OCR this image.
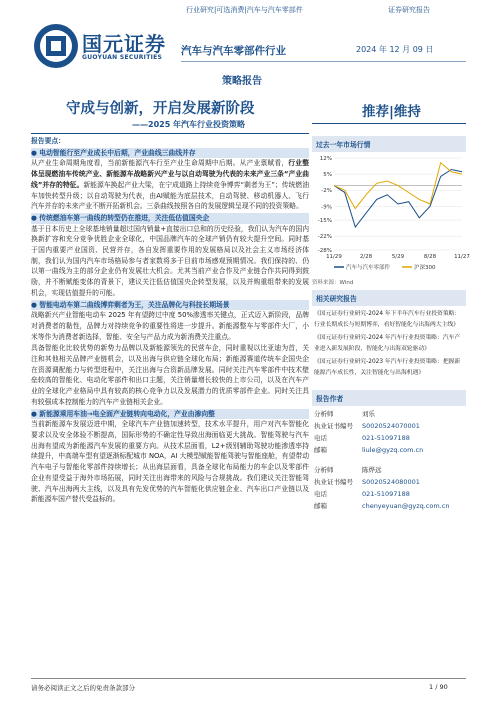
行业研究|可选消费|汽车与汽车零部件	证券研究报告
国元证券
GUOYUAN SECURITIES
汽车与汽车零部件行业	2024 年 12 月 09 日
策略报告
守成与创新，开启发展新阶段
——2025 年汽车行业投资策略
推荐|维持
报告要点：
● 电动智能行至产业成长中后期，产业曲线三曲线并存

从产业生命周期角度看，当前新能源汽车行至产业生命周期中后期。从产业禀赋看，行业整体呈现燃油车传统产业、新能源车战略新兴产业与以自动驾驶为代表的未来产业三条“产业曲线”并存的特征。新能源车换起产业大梁，在宁成道路上持续竞争博弈“剩者为王”；传统燃油车加快转型升级；以自动驾驶为代表，由AI赋能为底层技术，自动驾驶、移动机器人、飞行汽车并存的未来产业不断开拓新机会。三条曲线按照各自的发展逻辑呈现不同的投资策略。

● 传统燃油车第一曲线的转型仍在推进，关注低估值国央企

基于日本历史上全球基地销量超过国内销量+直接出口总和的历史经验，我们认为汽车的国内换新扩容和充分竞争优胜企业全球化，中国品牌汽车的全球产销仍有较大提升空间。同时基于国内重要产业国资、民营并存，各自发挥重要作用的发展格局以及社会主义市场经济体制，我们认为国内汽车市场格局参与者家数将多于目前市场感观预期情况。我们保持的、仍以第一曲线为主的部分企业仍有发展壮大机会。尤其当前产业合作及产业链合作共同得到鼓励，并不断赋能变体的背景下，建议关注低估值国央企转型发展，以及并购重组带来的发展机会，实现估值提升的可能。

● 智能电动车第二曲线博弈剩者为王，关注品牌化与科技长期场景

战略新兴产业智能电动车 2025 年有望跨过中度 50%渗透率关键点，正式迈入新阶段，品牌对消费者的黏性，品牌力对持续竞争的重要性将进一步提升。新能源整车与零部件大厂，小米等作为消费者新选择，智能、安全与产品力成为新消费关注重点。

具备智能化比较优势的新势力品牌以及新能源领先的民营车企，同时重视以比亚迪为首，关注和其他相关品牌产业链机会，以及出海与供应链全球化布局；新能源赛道传统车企国央企在资源调配能力与转型进程中，关注出海与合资新品牌发展。同时关注汽车零部件中技术壁垒较高的智能化、电动化零部件和出口主题，关注销量增长较快的上市公司，以及在汽车产业的全球化产业格局中具有较高的核心竞争力以及发展潜力的优质零部件企业。同时关注具有较强成本控制能力的汽车产业链相关企业。

● 新能源乘用车油→电全面产业链转向电动化，产业由渗向整

当前新能源车发展迈进中期，全球汽车产业链加速转型，技术水平提升，用户对汽车智能化要求以及安全体验不断提高，国际形势的不确定性导致出海面临更大挑战。智能驾驶与汽车出海有望成为新能源汽车发展的重要方向。从技术层面看，L2+级别辅助驾驶功能渗透率持续提升，中高端车型有望逐渐标配城市 NOA，AI 大模型赋能智能驾驶与智能座舱，有望带动汽车电子与智能化零部件持续增长；从出海层面看，具备全球化布局能力的车企以及零部件企业有望受益于海外市场拓展，同时关注出海带来的风险与合规挑战。我们建议关注智能驾驶、汽车出海两大主线，以及具有先发优势的汽车智能化供应链企业、汽车出口产业链以及新能源车国产替代受益标的。

过去一年市场行情
12%
5%
-2%
-9%
-15%
-22%
-28%
11/29	2/28	5/29	8/28	11/27
汽车与汽车零部件	沪深300
资料来源：Wind
相关研究报告
《国元证券行业研究-2024 年下半年汽车行业投资策略：行业长期成长与短期博弈，看好智能化与出海两大主线》
《国元证券行业研究-2024 年汽车行业投资策略：汽车产业进入新发展阶段，智能化与出海双轮驱动》
《国元证券行业研究-2023 年汽车行业投资策略：把握新能源汽车成长性，关注智能化与出海机遇》
报告作者
分析师	刘乐
执业证书编号	S0020524070001
电话	021-51097188
邮箱	liule@gyzq.com.cn
分析师	陈烨远
执业证书编号	S0020524080001
电话	021-51097188
邮箱	chenyeyuan@gyzq.com.cn
请务必阅读正文之后的免责条款部分	1 / 90
